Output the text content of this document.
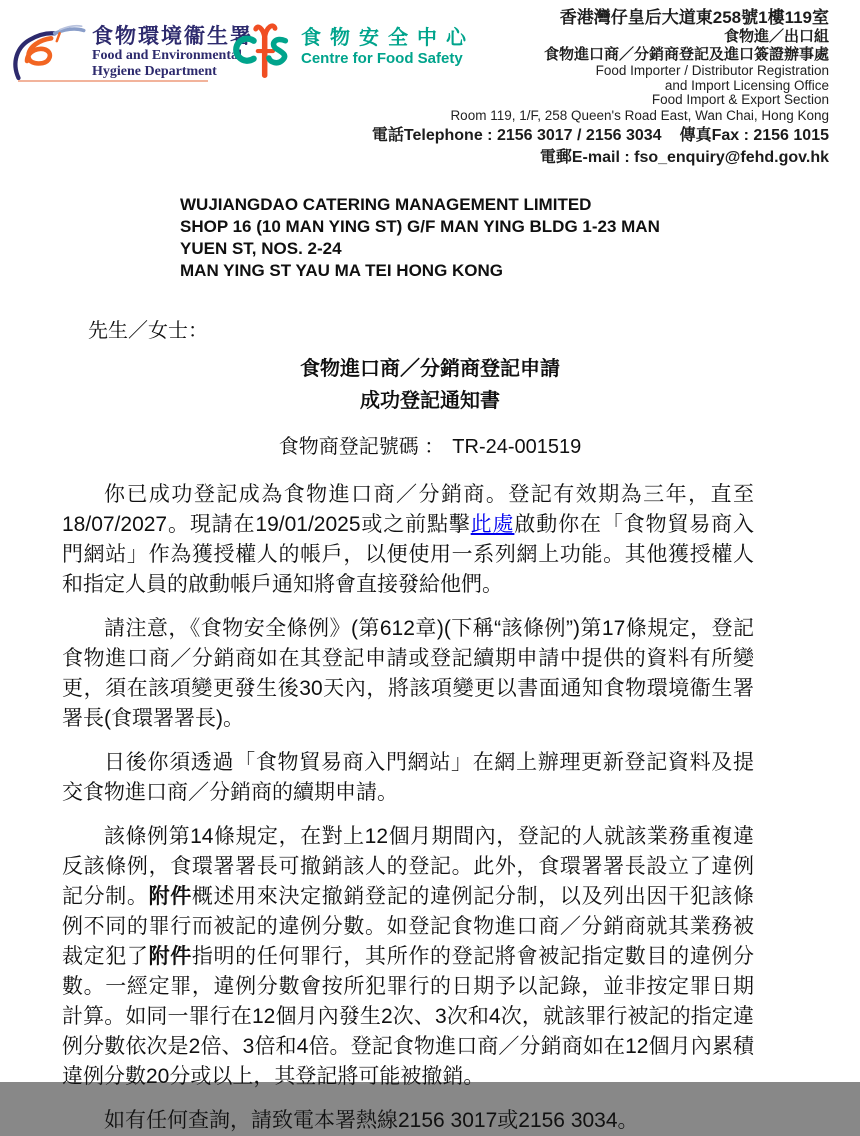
食物環境衞生署
Food and Environmental
Hygiene Department
食物安全中心
Centre for Food Safety
香港灣仔皇后大道東258號1樓119室
食物進／出口組
食物進口商／分銷商登記及進口簽證辦事處
Food Importer / Distributor Registration
and Import Licensing Office
Food Import & Export Section
Room 119, 1/F, 258 Queen's Road East, Wan Chai, Hong Kong
電話Telephone : 2156 3017 / 2156 3034 傳真Fax : 2156 1015
電郵E-mail : fso_enquiry@fehd.gov.hk
WUJIANGDAO CATERING MANAGEMENT LIMITED
SHOP 16 (10 MAN YING ST) G/F MAN YING BLDG 1-23 MAN
YUEN ST, NOS. 2-24
MAN YING ST YAU MA TEI HONG KONG
先生／女士：
食物進口商／分銷商登記申請
成功登記通知書
食物商登記號碼 ： TR-24-001519

你已成功登記成為食物進口商／分銷商。登記有效期為三年，直至18/07/2027。現請在19/01/2025或之前點擊此處啟動你在「食物貿易商入門網站」作為獲授權人的帳戶，以便使用一系列網上功能。其他獲授權人和指定人員的啟動帳戶通知將會直接發給他們。

請注意，《食物安全條例》(第612章)(下稱“該條例”)第17條規定，登記食物進口商／分銷商如在其登記申請或登記續期申請中提供的資料有所變更，須在該項變更發生後30天內，將該項變更以書面通知食物環境衞生署署長(食環署署長)。

日後你須透過「食物貿易商入門網站」在網上辦理更新登記資料及提交食物進口商／分銷商的續期申請。

該條例第14條規定，在對上12個月期間內，登記的人就該業務重複違反該條例，食環署署長可撤銷該人的登記。此外，食環署署長設立了違例記分制。附件概述用來決定撤銷登記的違例記分制，以及列出因干犯該條例不同的罪行而被記的違例分數。如登記食物進口商／分銷商就其業務被裁定犯了附件指明的任何罪行，其所作的登記將會被記指定數目的違例分數。一經定罪，違例分數會按所犯罪行的日期予以記錄，並非按定罪日期計算。如同一罪行在12個月內發生2次、3次和4次，就該罪行被記的指定違例分數依次是2倍、3倍和4倍。登記食物進口商／分銷商如在12個月內累積違例分數20分或以上，其登記將可能被撤銷。

如有任何查詢，請致電本署熱線2156 3017或2156 3034。
